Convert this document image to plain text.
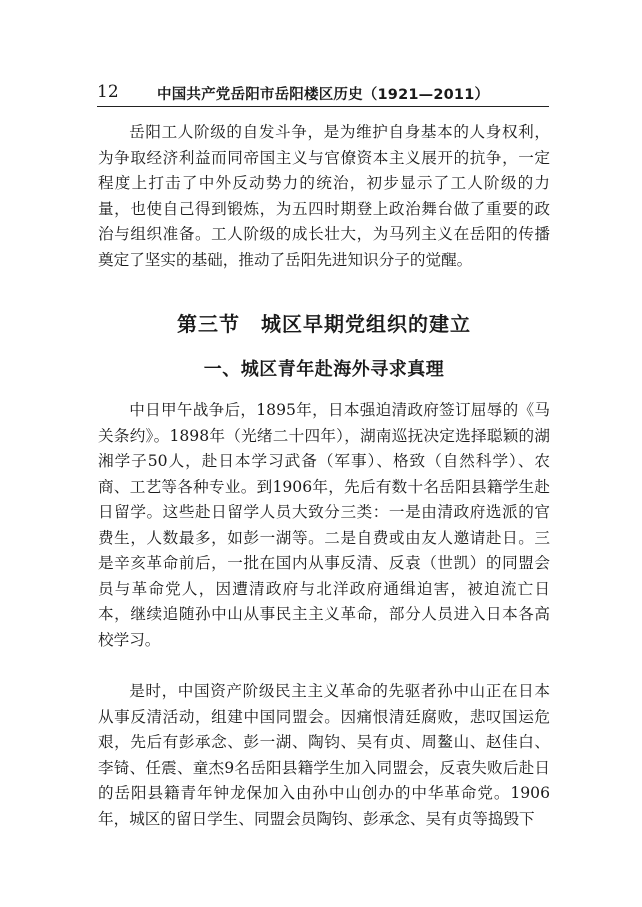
12	中国共产党岳阳市岳阳楼区历史（1921—2011）

岳阳工人阶级的自发斗争，是为维护自身基本的人身权利，为争取经济利益而同帝国主义与官僚资本主义展开的抗争，一定程度上打击了中外反动势力的统治，初步显示了工人阶级的力量，也使自己得到锻炼，为五四时期登上政治舞台做了重要的政治与组织准备。工人阶级的成长壮大，为马列主义在岳阳的传播奠定了坚实的基础，推动了岳阳先进知识分子的觉醒。

第三节　城区早期党组织的建立
一、城区青年赴海外寻求真理

中日甲午战争后，1895年，日本强迫清政府签订屈辱的《马关条约》。1898年（光绪二十四年），湖南巡抚决定选择聪颖的湖湘学子50人，赴日本学习武备（军事）、格致（自然科学）、农商、工艺等各种专业。到1906年，先后有数十名岳阳县籍学生赴日留学。这些赴日留学人员大致分三类：一是由清政府选派的官费生，人数最多，如彭一湖等。二是自费或由友人邀请赴日。三是辛亥革命前后，一批在国内从事反清、反袁（世凯）的同盟会员与革命党人，因遭清政府与北洋政府通缉迫害，被迫流亡日本，继续追随孙中山从事民主主义革命，部分人员进入日本各高校学习。

是时，中国资产阶级民主主义革命的先驱者孙中山正在日本从事反清活动，组建中国同盟会。因痛恨清廷腐败，悲叹国运危艰，先后有彭承念、彭一湖、陶钧、吴有贞、周鳌山、赵佳白、李锜、任震、童杰9名岳阳县籍学生加入同盟会，反袁失败后赴日的岳阳县籍青年钟龙保加入由孙中山创办的中华革命党。1906年，城区的留日学生、同盟会员陶钧、彭承念、吴有贞等捣毁下
